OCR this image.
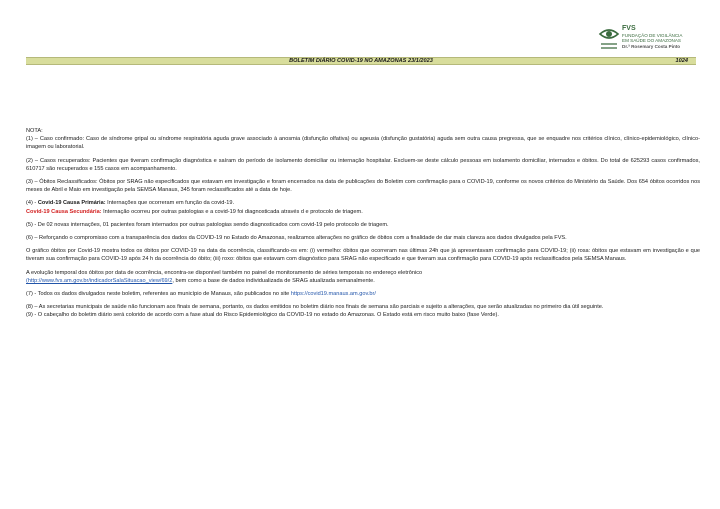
FVS
FUNDAÇÃO DE VIGILÂNCIA
EM SAÚDE DO AMAZONAS
Dr.ª Rosemary Costa Pinto
BOLETIM DIÁRIO COVID-19 NO AMAZONAS 23/1/2023	1024

NOTA:

(1) – Caso confirmado: Caso de síndrome gripal ou síndrome respiratória aguda grave associado à anosmia (disfunção olfativa) ou ageusia (disfunção gustatória) aguda sem outra causa pregressa, que se enquadre nos critérios clínico, clínico-epidemiológico, clínico-imagem ou laboratorial.

(2) – Casos recuperados: Pacientes que tiveram confirmação diagnóstica e saíram do período de isolamento domiciliar ou internação hospitalar. Excluem-se deste cálculo pessoas em isolamento domiciliar, internados e óbitos. Do total de 625293 casos confirmados, 610717 são recuperados e 155 casos em acompanhamento.

(3) – Óbitos Reclassificados: Óbitos por SRAG não especificados que estavam em investigação e foram encerrados na data de publicações do Boletim com confirmação para o COVID-19, conforme os novos critérios do Ministério da Saúde. Dos 654 óbitos ocorridos nos meses de Abril e Maio em investigação pela SEMSA Manaus, 345 foram reclassificados até a data de hoje.

(4) - Covid-19 Causa Primária: Internações que ocorreram em função da covid-19.

Covid-19 Causa Secundária: Internação ocorreu por outras patologias e a covid-19 foi diagnosticada através d e protocolo de triagem.

(5) - De 02 novas internações, 01 pacientes foram internados por outras patologias sendo diagnosticados com covid-19 pelo protocolo de triagem.

(6) – Reforçando o compromisso com a transparência dos dados da COVID-19 no Estado do Amazonas, realizamos alterações no gráfico de óbitos com a finalidade de dar mais clareza aos dados divulgados pela FVS.

O gráfico óbitos por Covid-19 mostra todos os óbitos por COVID-19 na data da ocorrência, classificando-os em: (i) vermelho: óbitos que ocorreram nas últimas 24h que já apresentavam confirmação para COVID-19; (ii) rosa: óbitos que estavam em investigação e que tiveram sua confirmação para COVID-19 após 24 h da ocorrência do óbito; (iii) roxo: óbitos que estavam com diagnóstico para SRAG não especificado e que tiveram sua confirmação para COVID-19 após reclassificados pela SEMSA Manaus.

A evolução temporal dos óbitos por data de ocorrência, encontra-se disponível também no painel de monitoramento de séries temporais no endereço eletrônico

(http://www.fvs.am.gov.br/indicadorSalaSituacao_view/69/2, bem como a base de dados individualizada de SRAG atualizada semanalmente.

(7) - Todos os dados divulgados neste boletim, referentes ao município de Manaus, são publicados no site https://covid19.manaus.am.gov.br/

(8) – As secretarias municipais de saúde não funcionam aos finais de semana, portanto, os dados emitidos no boletim diário nos finais de semana são parciais e sujeito a alterações, que serão atualizadas no primeiro dia útil seguinte.

(9) - O cabeçalho do boletim diário será colorido de acordo com a fase atual do Risco Epidemiológico da COVID-19 no estado do Amazonas. O Estado está em risco muito baixo (fase Verde).
